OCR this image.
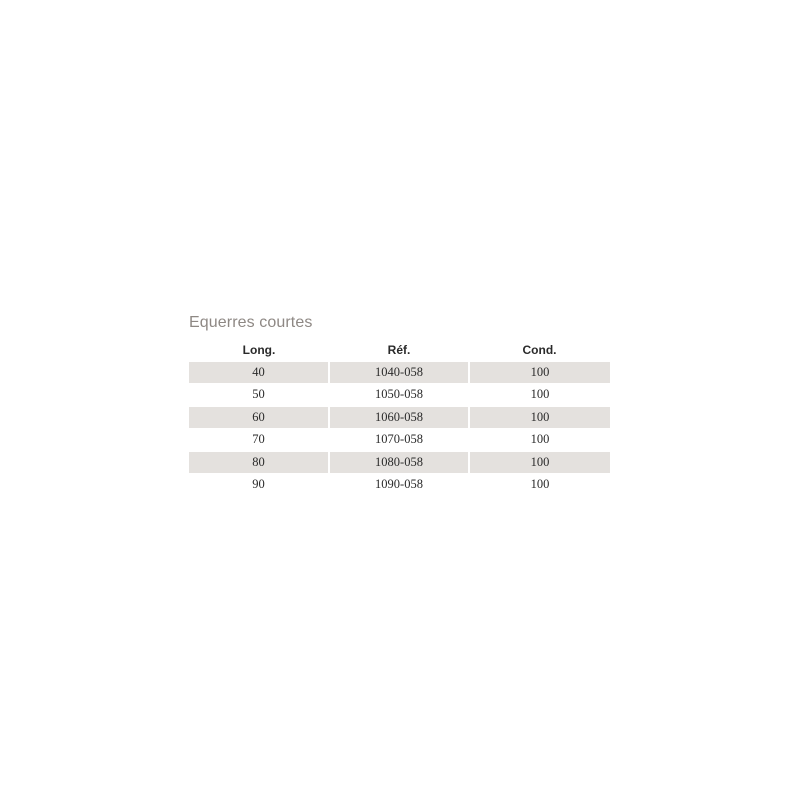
Equerres courtes
Long.	Réf.	Cond.
40	1040-058	100
50	1050-058	100
60	1060-058	100
70	1070-058	100
80	1080-058	100
90	1090-058	100
